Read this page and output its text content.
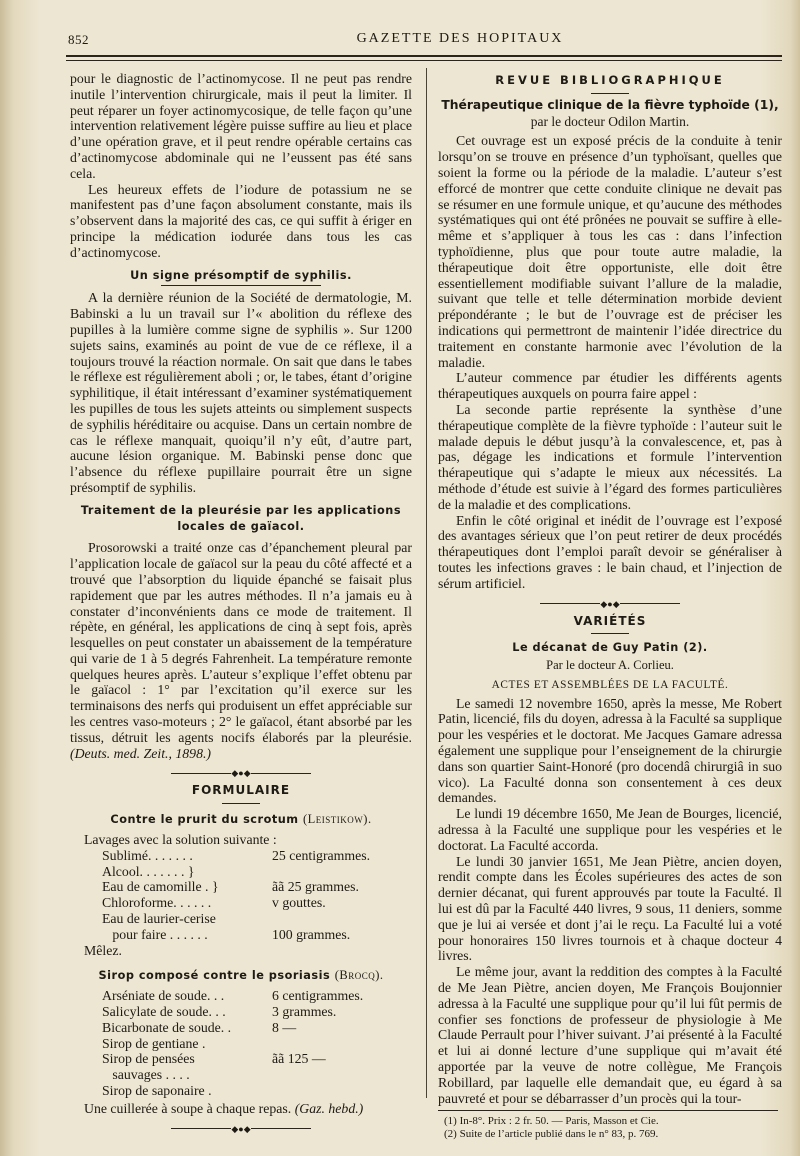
852	GAZETTE DES HOPITAUX

pour le diagnostic de l’actinomycose. Il ne peut pas rendre inutile l’intervention chirurgicale, mais il peut la limiter. Il peut réparer un foyer actinomycosique, de telle façon qu’une intervention relativement légère puisse suffire au lieu et place d’une opération grave, et il peut rendre opérable certains cas d’actinomycose abdominale qui ne l’eussent pas été sans cela.

Les heureux effets de l’iodure de potassium ne se manifestent pas d’une façon absolument constante, mais ils s’observent dans la majorité des cas, ce qui suffit à ériger en principe la médication iodurée dans tous les cas d’actinomycose.

Un signe présomptif de syphilis.

A la dernière réunion de la Société de dermatologie, M. Babinski a lu un travail sur l’« abolition du réflexe des pupilles à la lumière comme signe de syphilis ». Sur 1200 sujets sains, examinés au point de vue de ce réflexe, il a toujours trouvé la réaction normale. On sait que dans le tabes le réflexe est régulièrement aboli ; or, le tabes, étant d’origine syphilitique, il était intéressant d’examiner systématiquement les pupilles de tous les sujets atteints ou simplement suspects de syphilis héréditaire ou acquise. Dans un certain nombre de cas le réflexe manquait, quoiqu’il n’y eût, d’autre part, aucune lésion organique. M. Babinski pense donc que l’absence du réflexe pupillaire pourrait être un signe présomptif de syphilis.

Traitement de la pleurésie par les applications
locales de gaïacol.

Prosorowski a traité onze cas d’épanchement pleural par l’application locale de gaïacol sur la peau du côté affecté et a trouvé que l’absorption du liquide épanché se faisait plus rapidement que par les autres méthodes. Il n’a jamais eu à constater d’inconvénients dans ce mode de traitement. Il répète, en général, les applications de cinq à sept fois, après lesquelles on peut constater un abaissement de la température qui varie de 1 à 5 degrés Fahrenheit. La température remonte quelques heures après. L’auteur s’explique l’effet obtenu par le gaïacol : 1° par l’excitation qu’il exerce sur les terminaisons des nerfs qui produisent un effet appréciable sur les centres vaso-moteurs ; 2° le gaïacol, étant absorbé par les tissus, détruit les agents nocifs élaborés par la pleurésie. (Deuts. med. Zeit., 1898.)

◆●◆
FORMULAIRE
Contre le prurit du scrotum (Leistikow).

Lavages avec la solution suivante :

Sublimé. . . . . . .	25 centigrammes.
Alcool. . . . . . . }
Eau de camomille . }	ãã 25 grammes.
Chloroforme. . . . . .	v gouttes.
Eau de laurier-cerise
pour faire . . . . . .	100 grammes.

Mêlez.

Sirop composé contre le psoriasis (Brocq).
Arséniate de soude. . .	6 centigrammes.
Salicylate de soude. . .	3 grammes.
Bicarbonate de soude. .	8 —
Sirop de gentiane .
Sirop de pensées	ãã 125 —
sauvages . . . .
Sirop de saponaire .

Une cuillerée à soupe à chaque repas. (Gaz. hebd.)

◆●◆
REVUE BIBLIOGRAPHIQUE
Thérapeutique clinique de la fièvre typhoïde (1),
par le docteur Odilon Martin.

Cet ouvrage est un exposé précis de la conduite à tenir lorsqu’on se trouve en présence d’un typhoïsant, quelles que soient la forme ou la période de la maladie. L’auteur s’est efforcé de montrer que cette conduite clinique ne devait pas se résumer en une formule unique, et qu’aucune des méthodes systématiques qui ont été prônées ne pouvait se suffire à elle-même et s’appliquer à tous les cas : dans l’infection typhoïdienne, plus que pour toute autre maladie, la thérapeutique doit être opportuniste, elle doit être essentiellement modifiable suivant l’allure de la maladie, suivant que telle et telle détermination morbide devient prépondérante ; le but de l’ouvrage est de préciser les indications qui permettront de maintenir l’idée directrice du traitement en constante harmonie avec l’évolution de la maladie.

L’auteur commence par étudier les différents agents thérapeutiques auxquels on pourra faire appel :

La seconde partie représente la synthèse d’une thérapeutique complète de la fièvre typhoïde : l’auteur suit le malade depuis le début jusqu’à la convalescence, et, pas à pas, dégage les indications et formule l’intervention thérapeutique qui s’adapte le mieux aux nécessités. La méthode d’étude est suivie à l’égard des formes particulières de la maladie et des complications.

Enfin le côté original et inédit de l’ouvrage est l’exposé des avantages sérieux que l’on peut retirer de deux procédés thérapeutiques dont l’emploi paraît devoir se généraliser à toutes les infections graves : le bain chaud, et l’injection de sérum artificiel.

◆●◆
VARIÉTÉS
Le décanat de Guy Patin (2).
Par le docteur A. Corlieu.
ACTES ET ASSEMBLÉES DE LA FACULTÉ.

Le samedi 12 novembre 1650, après la messe, Me Robert Patin, licencié, fils du doyen, adressa à la Faculté sa supplique pour les vespéries et le doctorat. Me Jacques Gamare adressa également une supplique pour l’enseignement de la chirurgie dans son quartier Saint-Honoré (pro docendâ chirurgiâ in suo vico). La Faculté donna son consentement à ces deux demandes.

Le lundi 19 décembre 1650, Me Jean de Bourges, licencié, adressa à la Faculté une supplique pour les vespéries et le doctorat. La Faculté accorda.

Le lundi 30 janvier 1651, Me Jean Piètre, ancien doyen, rendit compte dans les Écoles supérieures des actes de son dernier décanat, qui furent approuvés par toute la Faculté. Il lui est dû par la Faculté 440 livres, 9 sous, 11 deniers, somme que je lui ai versée et dont j’ai le reçu. La Faculté lui a voté pour honoraires 150 livres tournois et à chaque docteur 4 livres.

Le même jour, avant la reddition des comptes à la Faculté de Me Jean Piètre, ancien doyen, Me François Boujonnier adressa à la Faculté une supplique pour qu’il lui fût permis de confier ses fonctions de professeur de physiologie à Me Claude Perrault pour l’hiver suivant. J’ai présenté à la Faculté et lui ai donné lecture d’une supplique qui m’avait été apportée par la veuve de notre collègue, Me François Robillard, par laquelle elle demandait que, eu égard à sa pauvreté et pour se débarrasser d’un procès qui la tour-

(1) In-8°. Prix : 2 fr. 50. — Paris, Masson et Cie.

(2) Suite de l’article publié dans le n° 83, p. 769.
